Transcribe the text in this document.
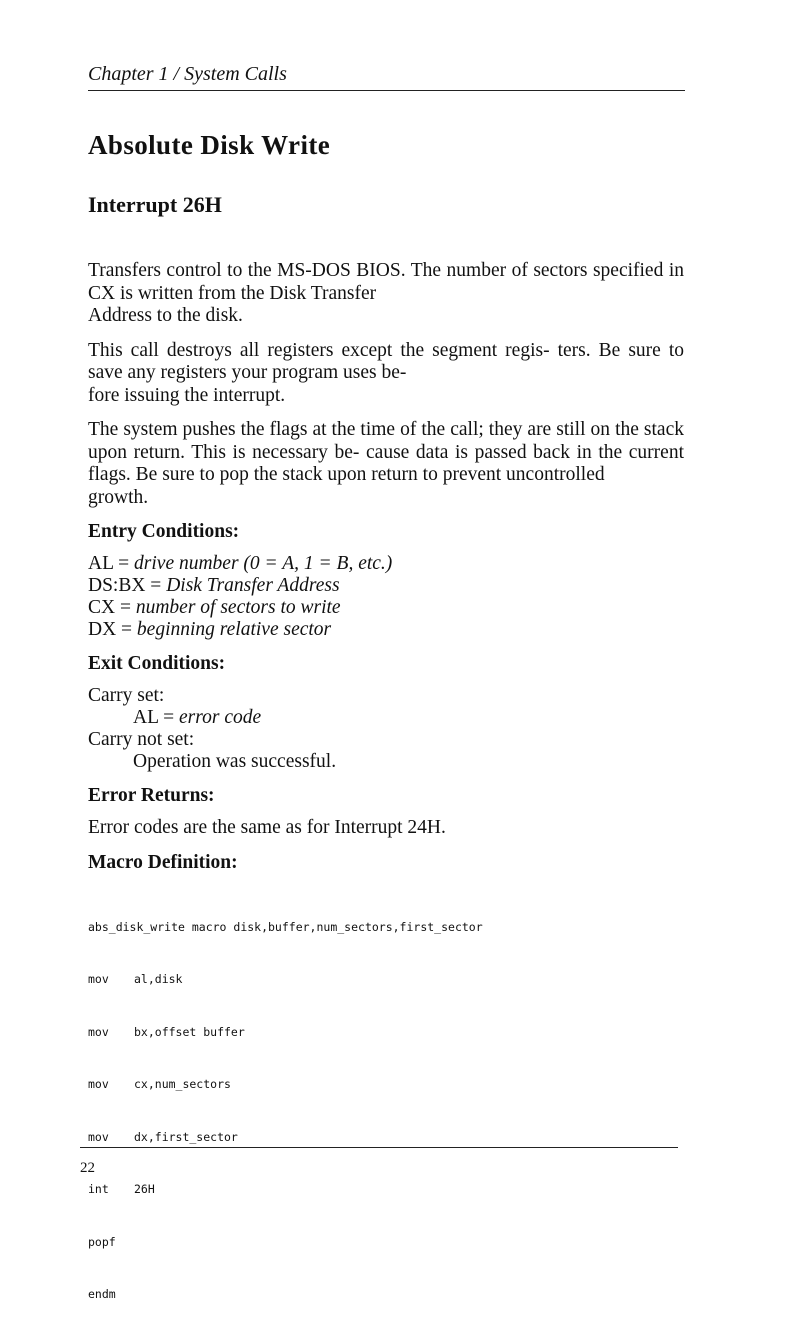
Chapter 1 / System Calls
Absolute Disk Write
Interrupt 26H

Transfers control to the MS-DOS BIOS. The number of sectors specified in CX is written from the Disk Transfer
Address to the disk.

This call destroys all registers except the segment regis- ters. Be sure to save any registers your program uses be-
fore issuing the interrupt.

The system pushes the flags at the time of the call; they are still on the stack upon return. This is necessary be- cause data is passed back in the current flags. Be sure to pop the stack upon return to prevent uncontrolled
growth.

Entry Conditions:
AL = drive number (0 = A, 1 = B, etc.)
DS:BX = Disk Transfer Address
CX = number of sectors to write
DX = beginning relative sector
Exit Conditions:
Carry set:
AL = error code
Carry not set:
Operation was successful.
Error Returns:

Error codes are the same as for Interrupt 24H.

Macro Definition:

abs_disk_write macro disk,buffer,num_sectors,first_sector

mov	al,disk

mov	bx,offset buffer

mov	cx,num_sectors

mov	dx,first_sector

int	26H

popf

endm

22
